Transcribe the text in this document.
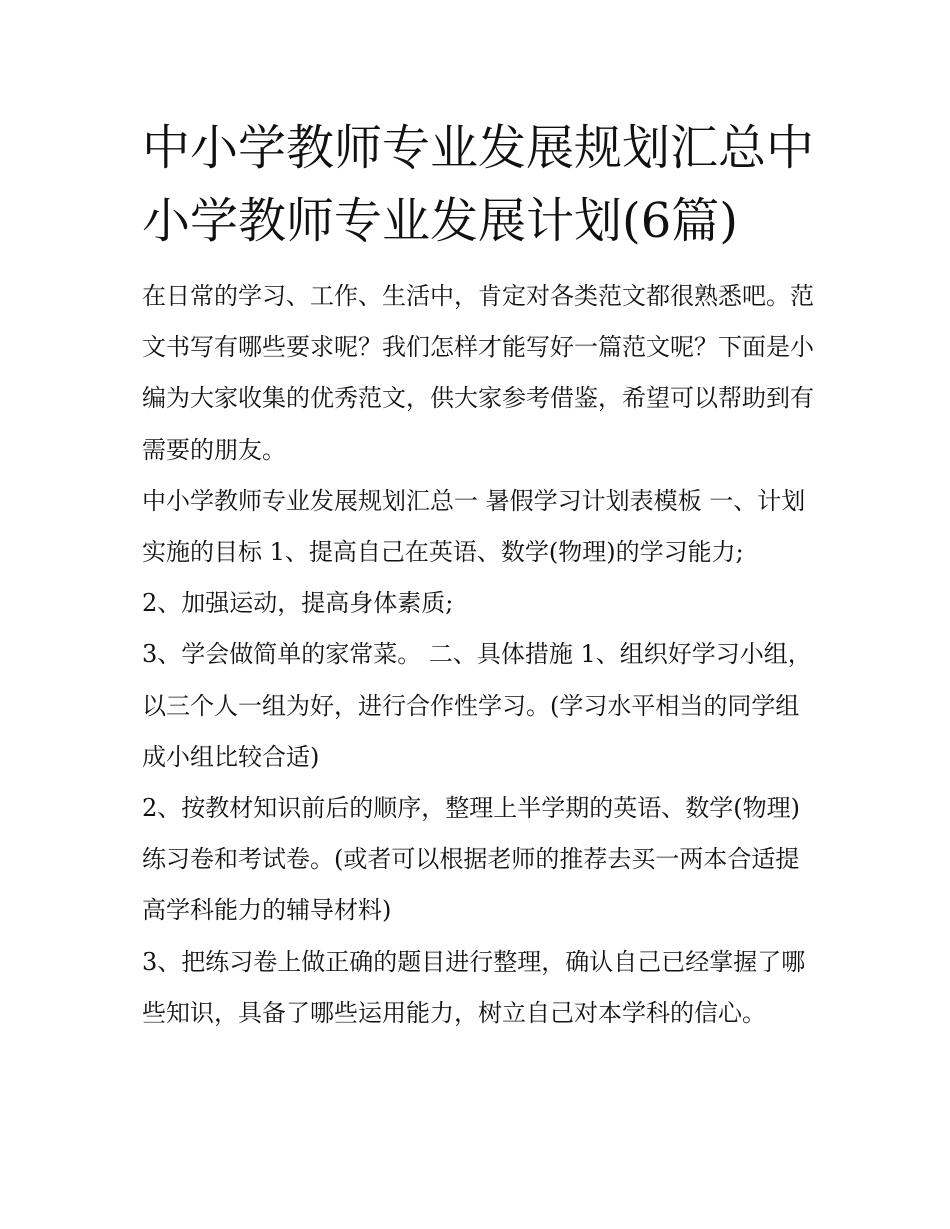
中小学教师专业发展规划汇总中小学教师专业发展计划(6篇)

在日常的学习、工作、生活中，肯定对各类范文都很熟悉吧。范文书写有哪些要求呢？我们怎样才能写好一篇范文呢？下面是小编为大家收集的优秀范文，供大家参考借鉴，希望可以帮助到有需要的朋友。

中小学教师专业发展规划汇总一 暑假学习计划表模板 一、计划实施的目标 1、提高自己在英语、数学(物理)的学习能力;

2、加强运动，提高身体素质;

3、学会做简单的家常菜。 二、具体措施 1、组织好学习小组，以三个人一组为好，进行合作性学习。(学习水平相当的同学组成小组比较合适)

2、按教材知识前后的顺序，整理上半学期的英语、数学(物理)练习卷和考试卷。(或者可以根据老师的推荐去买一两本合适提高学科能力的辅导材料)

3、把练习卷上做正确的题目进行整理，确认自己已经掌握了哪些知识，具备了哪些运用能力，树立自己对本学科的信心。
